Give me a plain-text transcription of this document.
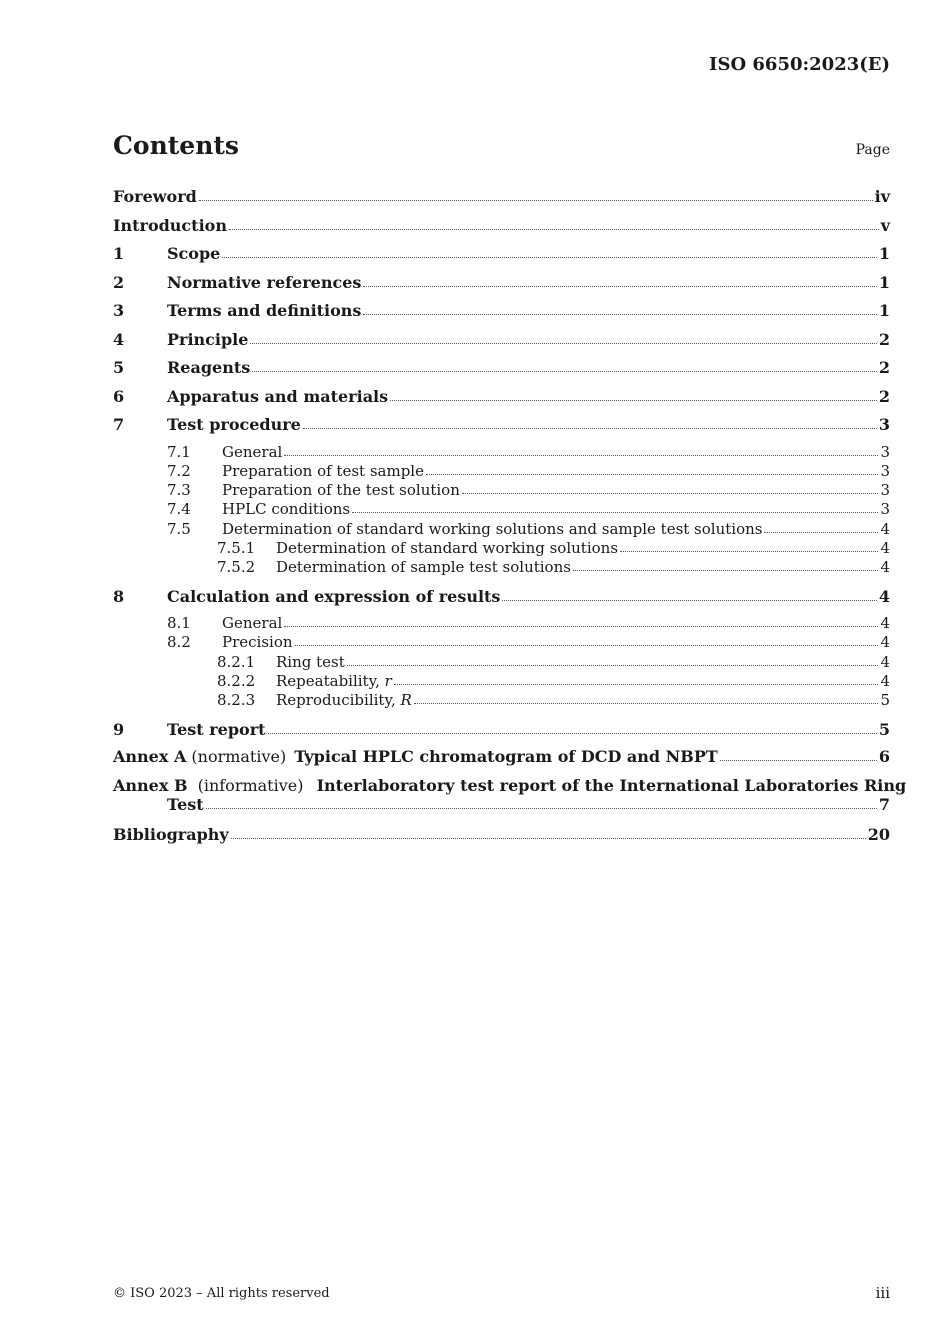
ISO 6650:2023(E)
Contents	Page
Foreword	iv
Introduction	v
1	Scope	1
2	Normative references	1
3	Terms and definitions	1
4	Principle	2
5	Reagents	2
6	Apparatus and materials	2
7	Test procedure	3
7.1	General	3
7.2	Preparation of test sample	3
7.3	Preparation of the test solution	3
7.4	HPLC conditions	3
7.5	Determination of standard working solutions and sample test solutions	4
7.5.1	Determination of standard working solutions	4
7.5.2	Determination of sample test solutions	4
8	Calculation and expression of results	4
8.1	General	4
8.2	Precision	4
8.2.1	Ring test	4
8.2.2	Repeatability, r	4
8.2.3	Reproducibility, R	5
9	Test report	5
Annex A (normative) Typical HPLC chromatogram of DCD and NBPT	6
Annex B (informative) Interlaboratory test report of the International Laboratories Ring
Test	7
Bibliography	20
© ISO 2023 – All rights reserved	iii
